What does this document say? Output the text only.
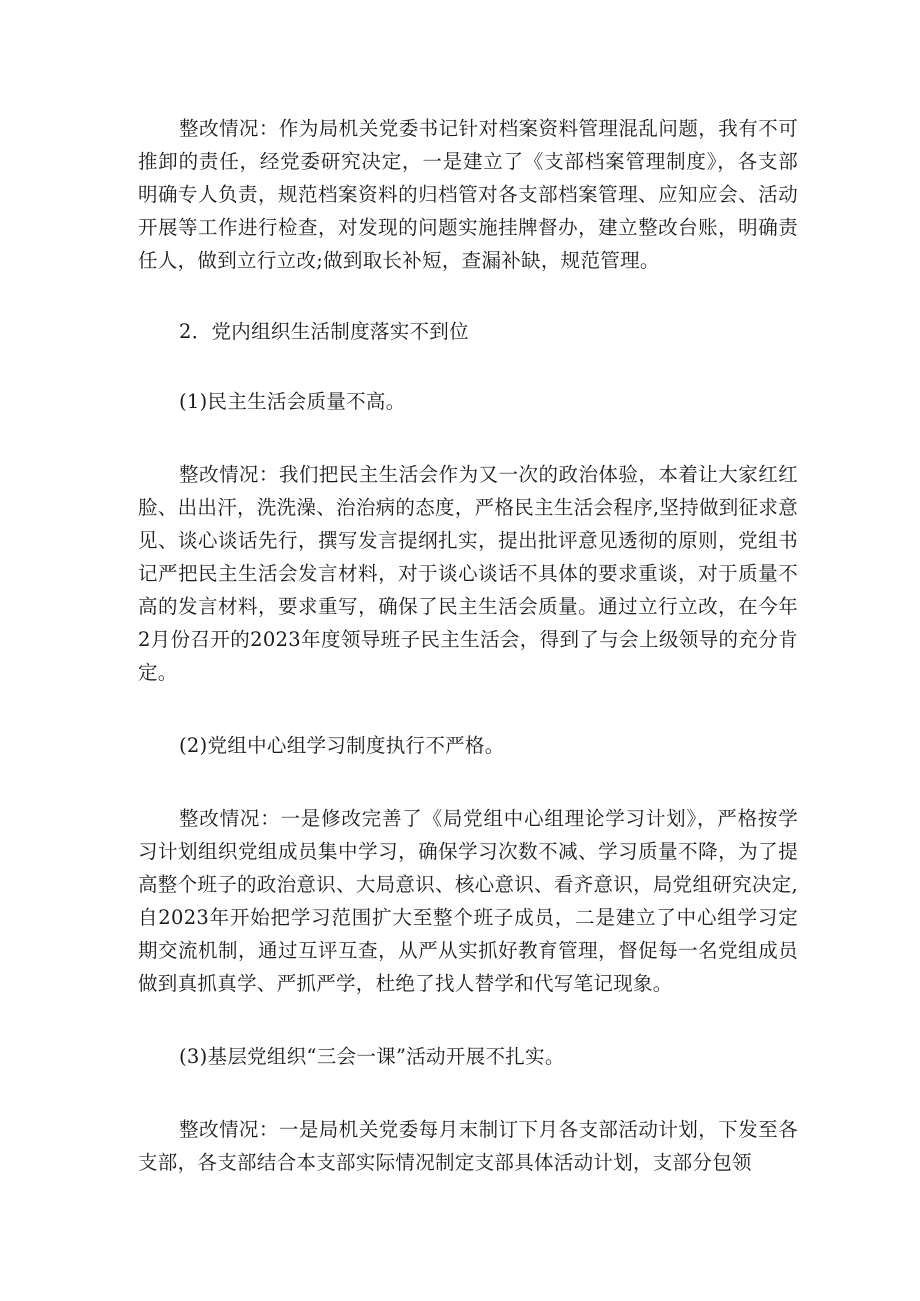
整改情况：作为局机关党委书记针对档案资料管理混乱问题，我有不可推卸的责任，经党委研究决定，一是建立了《支部档案管理制度》，各支部明确专人负责，规范档案资料的归档管对各支部档案管理、应知应会、活动开展等工作进行检查，对发现的问题实施挂牌督办，建立整改台账，明确责任人，做到立行立改;做到取长补短，查漏补缺，规范管理。

2．党内组织生活制度落实不到位

(1)民主生活会质量不高。

整改情况：我们把民主生活会作为又一次的政治体验，本着让大家红红脸、出出汗，洗洗澡、治治病的态度，严格民主生活会程序,坚持做到征求意见、谈心谈话先行，撰写发言提纲扎实，提出批评意见透彻的原则，党组书记严把民主生活会发言材料，对于谈心谈话不具体的要求重谈，对于质量不高的发言材料，要求重写，确保了民主生活会质量。通过立行立改，在今年2月份召开的2023年度领导班子民主生活会，得到了与会上级领导的充分肯定。

(2)党组中心组学习制度执行不严格。

整改情况：一是修改完善了《局党组中心组理论学习计划》，严格按学习计划组织党组成员集中学习，确保学习次数不减、学习质量不降，为了提高整个班子的政治意识、大局意识、核心意识、看齐意识，局党组研究决定,自2023年开始把学习范围扩大至整个班子成员，二是建立了中心组学习定期交流机制，通过互评互查，从严从实抓好教育管理，督促每一名党组成员做到真抓真学、严抓严学，杜绝了找人替学和代写笔记现象。

(3)基层党组织“三会一课”活动开展不扎实。

整改情况：一是局机关党委每月末制订下月各支部活动计划，下发至各支部，各支部结合本支部实际情况制定支部具体活动计划，支部分包领
